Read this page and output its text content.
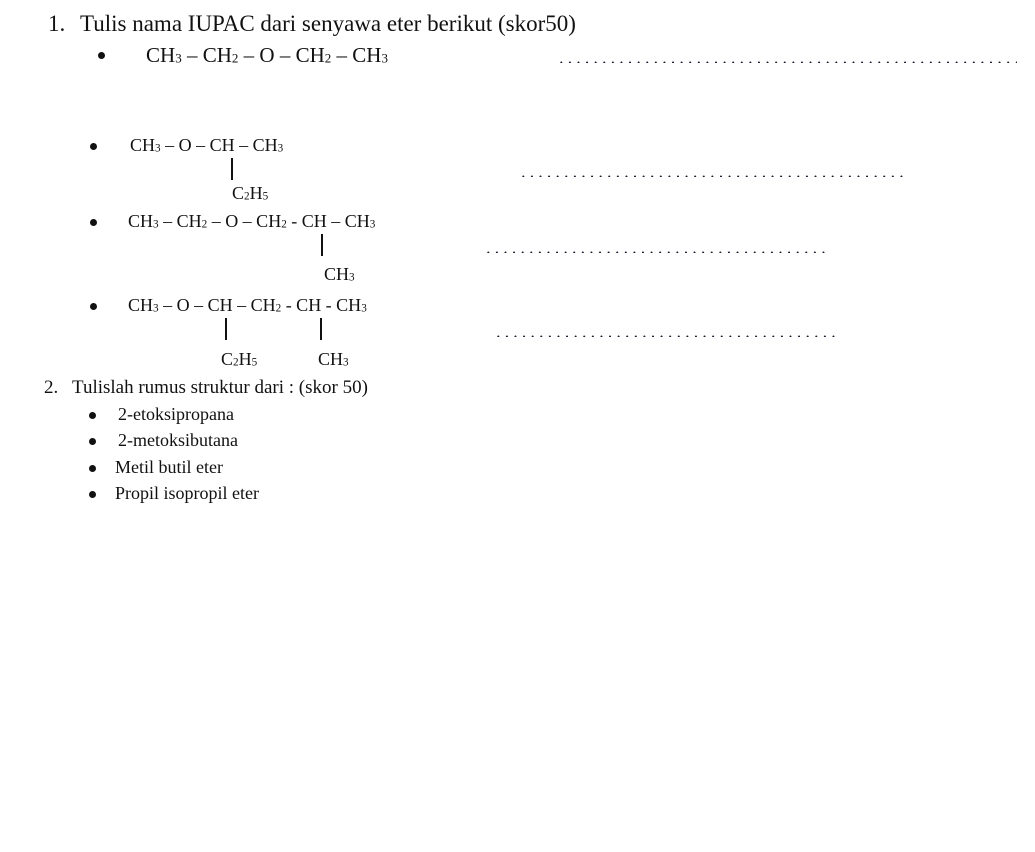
1. Tulis nama IUPAC dari senyawa eter berikut (skor50)
$CH_3 - CH_2$ – O – $CH_2 - CH_3$
$CH_3$ – O – CH – $CH_3$
$C_2H_5$
$CH_3 - CH_2$ – O – $CH_2$ - CH – $CH_3$
$CH_3$
$CH_3$ – O – CH – $CH_2$ - CH - $CH_3$
$C_2H_5$	$CH_3$
2. Tulislah rumus struktur dari : (skor 50)
2-etoksipropana
2-metoksibutana
Metil butil eter
Propil isopropil eter
